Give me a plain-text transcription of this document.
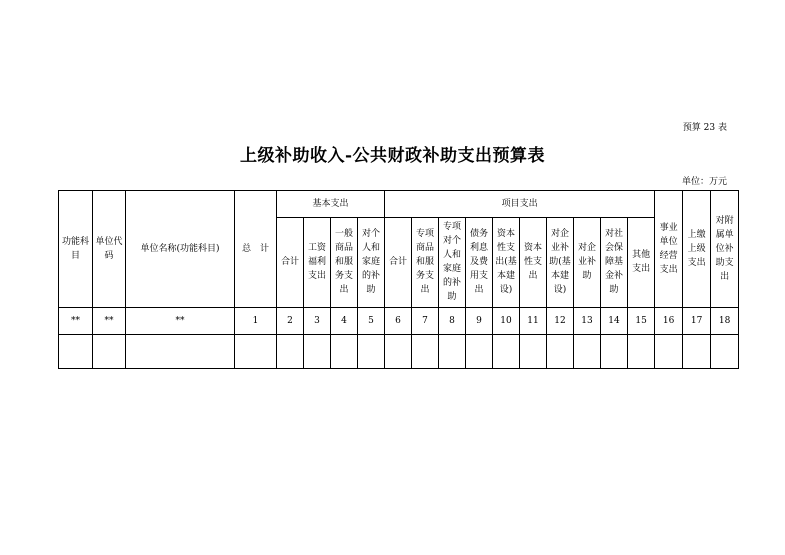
预算 23 表
上级补助收入-公共财政补助支出预算表
单位：万元
功能科目	单位代码	单位名称(功能科目)	总　计	基本支出				项目支出										事业单位经营支出	上缴上级支出	对附属单位补助支出
				合计	工资福利支出	一般商品和服务支出	对个人和家庭的补助	合计	专项商品和服务支出	专项对个人和家庭的补助	债务利息及费用支出	资本性支出(基本建设)	资本性支出	对企业补助(基本建设)	对企业补助	对社会保障基金补助	其他支出			
**	**	**	1	2	3	4	5	6	7	8	9	10	11	12	13	14	15	16	17	18
